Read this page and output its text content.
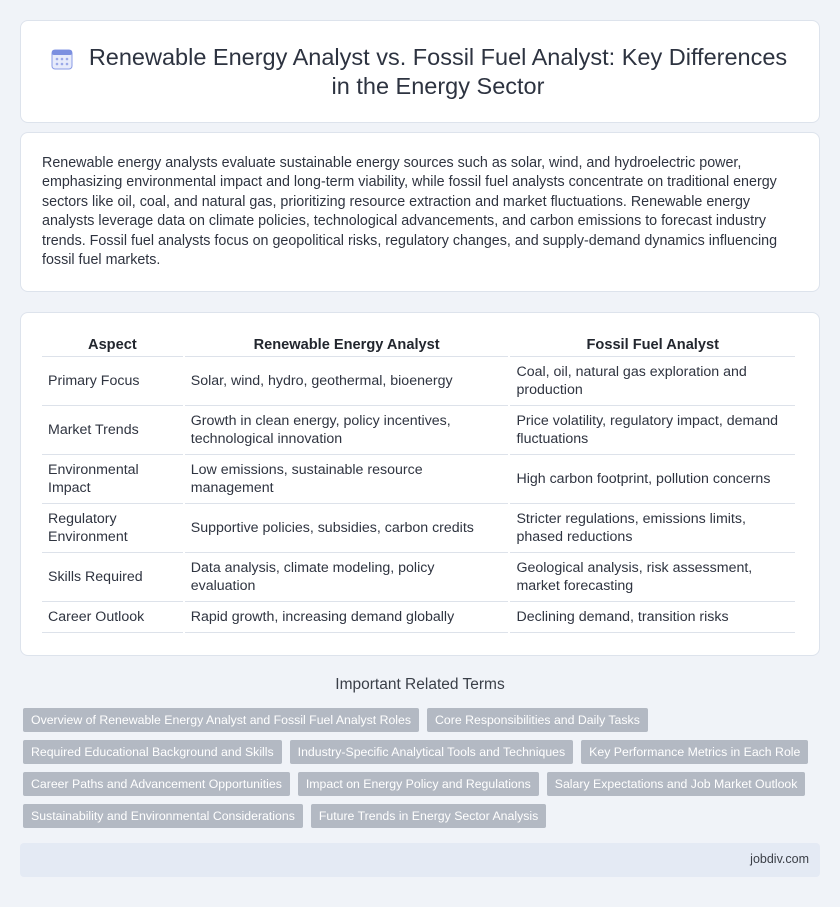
Renewable Energy Analyst vs. Fossil Fuel Analyst: Key Differences in the Energy Sector

Renewable energy analysts evaluate sustainable energy sources such as solar, wind, and hydroelectric power, emphasizing environmental impact and long-term viability, while fossil fuel analysts concentrate on traditional energy sectors like oil, coal, and natural gas, prioritizing resource extraction and market fluctuations. Renewable energy analysts leverage data on climate policies, technological advancements, and carbon emissions to forecast industry trends. Fossil fuel analysts focus on geopolitical risks, regulatory changes, and supply-demand dynamics influencing fossil fuel markets.

Aspect	Renewable Energy Analyst	Fossil Fuel Analyst
Primary Focus	Solar, wind, hydro, geothermal, bioenergy	Coal, oil, natural gas exploration and production
Market Trends	Growth in clean energy, policy incentives, technological innovation	Price volatility, regulatory impact, demand fluctuations
Environmental Impact	Low emissions, sustainable resource management	High carbon footprint, pollution concerns
Regulatory Environment	Supportive policies, subsidies, carbon credits	Stricter regulations, emissions limits, phased reductions
Skills Required	Data analysis, climate modeling, policy evaluation	Geological analysis, risk assessment, market forecasting
Career Outlook	Rapid growth, increasing demand globally	Declining demand, transition risks
Important Related Terms
Overview of Renewable Energy Analyst and Fossil Fuel Analyst Roles	Core Responsibilities and Daily Tasks
Required Educational Background and Skills	Industry-Specific Analytical Tools and Techniques	Key Performance Metrics in Each Role
Career Paths and Advancement Opportunities	Impact on Energy Policy and Regulations	Salary Expectations and Job Market Outlook
Sustainability and Environmental Considerations	Future Trends in Energy Sector Analysis
jobdiv.com
